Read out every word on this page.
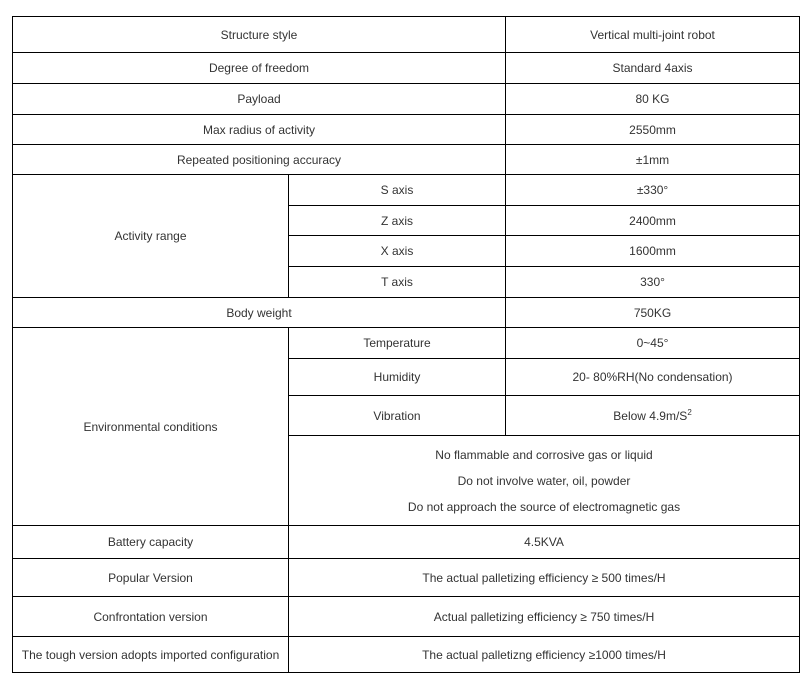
Structure style		Vertical multi-joint robot
Degree of freedom		Standard 4axis
Payload		80 KG
Max radius of activity		2550mm
Repeated positioning accuracy		±1mm
Activity range	S axis	±330°
	Z axis	2400mm
	X axis	1600mm
	T axis	330°
Body weight		750KG
Environmental conditions	Temperature	0~45°
	Humidity	20- 80%RH(No condensation)
	Vibration	Below $4.9m/S^2$

	No flammable and corrosive gas or liquid
Do not involve water, oil, powder
Do not approach the source of electromagnetic gas	

Battery capacity	4.5KVA	
Popular Version	The actual palletizing efficiency ≥ 500 times/H	
Confrontation version	Actual palletizing efficiency ≥ 750 times/H	
The tough version adopts imported configuration	The actual palletizng efficiency ≥1000 times/H	
